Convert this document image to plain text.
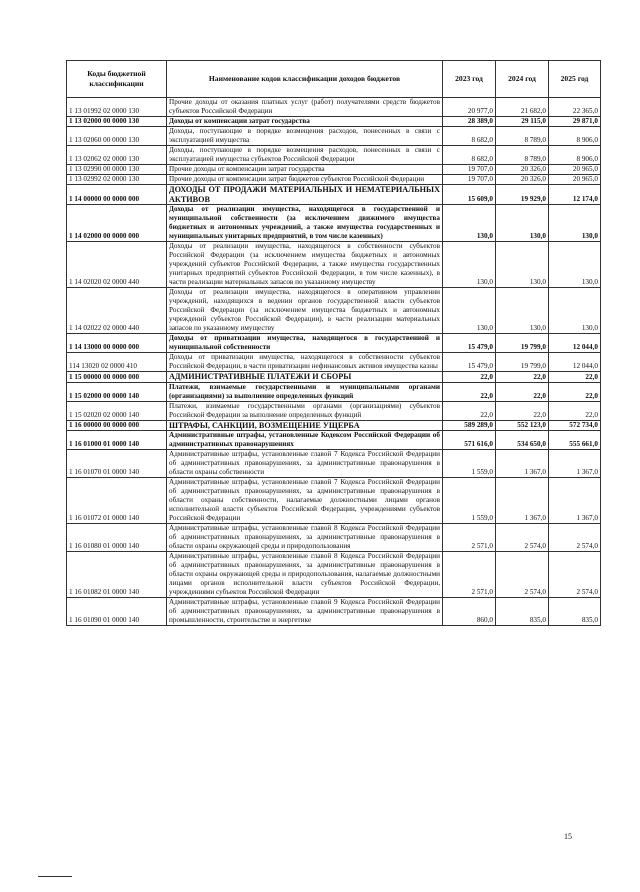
Коды бюджетной классификации	Наименование кодов классификации доходов бюджетов	2023 год	2024 год	2025 год
1 13 01992 02 0000 130	Прочие доходы от оказания платных услуг (работ) получателями средств бюджетов субъектов Российской Федерации	20 977,0	21 682,0	22 365,0
1 13 02000 00 0000 130	Доходы от компенсации затрат государства	28 389,0	29 115,0	29 871,0
1 13 02060 00 0000 130	Доходы, поступающие в порядке возмещения расходов, понесенных в связи с эксплуатацией имущества	8 682,0	8 789,0	8 906,0
1 13 02062 02 0000 130	Доходы, поступающие в порядке возмещения расходов, понесенных в связи с эксплуатацией имущества субъектов Российской Федерации	8 682,0	8 789,0	8 906,0
1 13 02990 00 0000 130	Прочие доходы от компенсации затрат государства	19 707,0	20 326,0	20 965,0
1 13 02992 02 0000 130	Прочие доходы от компенсации затрат бюджетов субъектов Российской Федерации	19 707,0	20 326,0	20 965,0
1 14 00000 00 0000 000	ДОХОДЫ ОТ ПРОДАЖИ МАТЕРИАЛЬНЫХ И НЕМАТЕРИАЛЬНЫХ АКТИВОВ	15 609,0	19 929,0	12 174,0
1 14 02000 00 0000 000	Доходы от реализации имущества, находящегося в государственной и муниципальной собственности (за исключением движимого имущества бюджетных и автономных учреждений, а также имущества государственных и муниципальных унитарных предприятий, в том числе казенных)	130,0	130,0	130,0
1 14 02020 02 0000 440	Доходы от реализации имущества, находящегося в собственности субъектов Российской Федерации (за исключением имущества бюджетных и автономных учреждений субъектов Российской Федерации, а также имущества государственных унитарных предприятий субъектов Российской Федерации, в том числе казенных), в части реализации материальных запасов по указанному имуществу	130,0	130,0	130,0
1 14 02022 02 0000 440	Доходы от реализации имущества, находящегося в оперативном управлении учреждений, находящихся в ведении органов государственной власти субъектов Российской Федерации (за исключением имущества бюджетных и автономных учреждений субъектов Российской Федерации), в части реализации материальных запасов по указанному имуществу	130,0	130,0	130,0
1 14 13000 00 0000 000	Доходы от приватизации имущества, находящегося в государственной и муниципальной собственности	15 479,0	19 799,0	12 044,0
114 13020 02 0000 410	Доходы от приватизации имущества, находящегося в собственности субъектов Российской Федерации, в части приватизации нефинансовых активов имущества казны	15 479,0	19 799,0	12 044,0
1 15 00000 00 0000 000	АДМИНИСТРАТИВНЫЕ ПЛАТЕЖИ И СБОРЫ	22,0	22,0	22,0
1 15 02000 00 0000 140	Платежи, взимаемые государственными и муниципальными органами (организациями) за выполнение определенных функций	22,0	22,0	22,0
1 15 02020 02 0000 140	Платежи, взимаемые государственными органами (организациями) субъектов Российской Федерации за выполнение определенных функций	22,0	22,0	22,0
1 16 00000 00 0000 000	ШТРАФЫ, САНКЦИИ, ВОЗМЕЩЕНИЕ УЩЕРБА	589 289,0	552 123,0	572 734,0
1 16 01000 01 0000 140	Административные штрафы, установленные Кодексом Российской Федерации об административных правонарушениях	571 616,0	534 650,0	555 661,0
1 16 01070 01 0000 140	Административные штрафы, установленные главой 7 Кодекса Российской Федерации об административных правонарушениях, за административные правонарушения в области охраны собственности	1 559,0	1 367,0	1 367,0
1 16 01072 01 0000 140	Административные штрафы, установленные главой 7 Кодекса Российской Федерации об административных правонарушениях, за административные правонарушения в области охраны собственности, налагаемые должностными лицами органов исполнительной власти субъектов Российской Федерации, учреждениями субъектов Российской Федерации	1 559,0	1 367,0	1 367,0
1 16 01080 01 0000 140	Административные штрафы, установленные главой 8 Кодекса Российской Федерации об административных правонарушениях, за административные правонарушения в области охраны окружающей среды и природопользования	2 571,0	2 574,0	2 574,0
1 16 01082 01 0000 140	Административные штрафы, установленные главой 8 Кодекса Российской Федерации об административных правонарушениях, за административные правонарушения в области охраны окружающей среды и природопользования, налагаемые должностными лицами органов исполнительной власти субъектов Российской Федерации, учреждениями субъектов Российской Федерации	2 571,0	2 574,0	2 574,0
1 16 01090 01 0000 140	Административные штрафы, установленные главой 9 Кодекса Российской Федерации об административных правонарушениях, за административные правонарушения в промышленности, строительстве и энергетике	860,0	835,0	835,0
15
